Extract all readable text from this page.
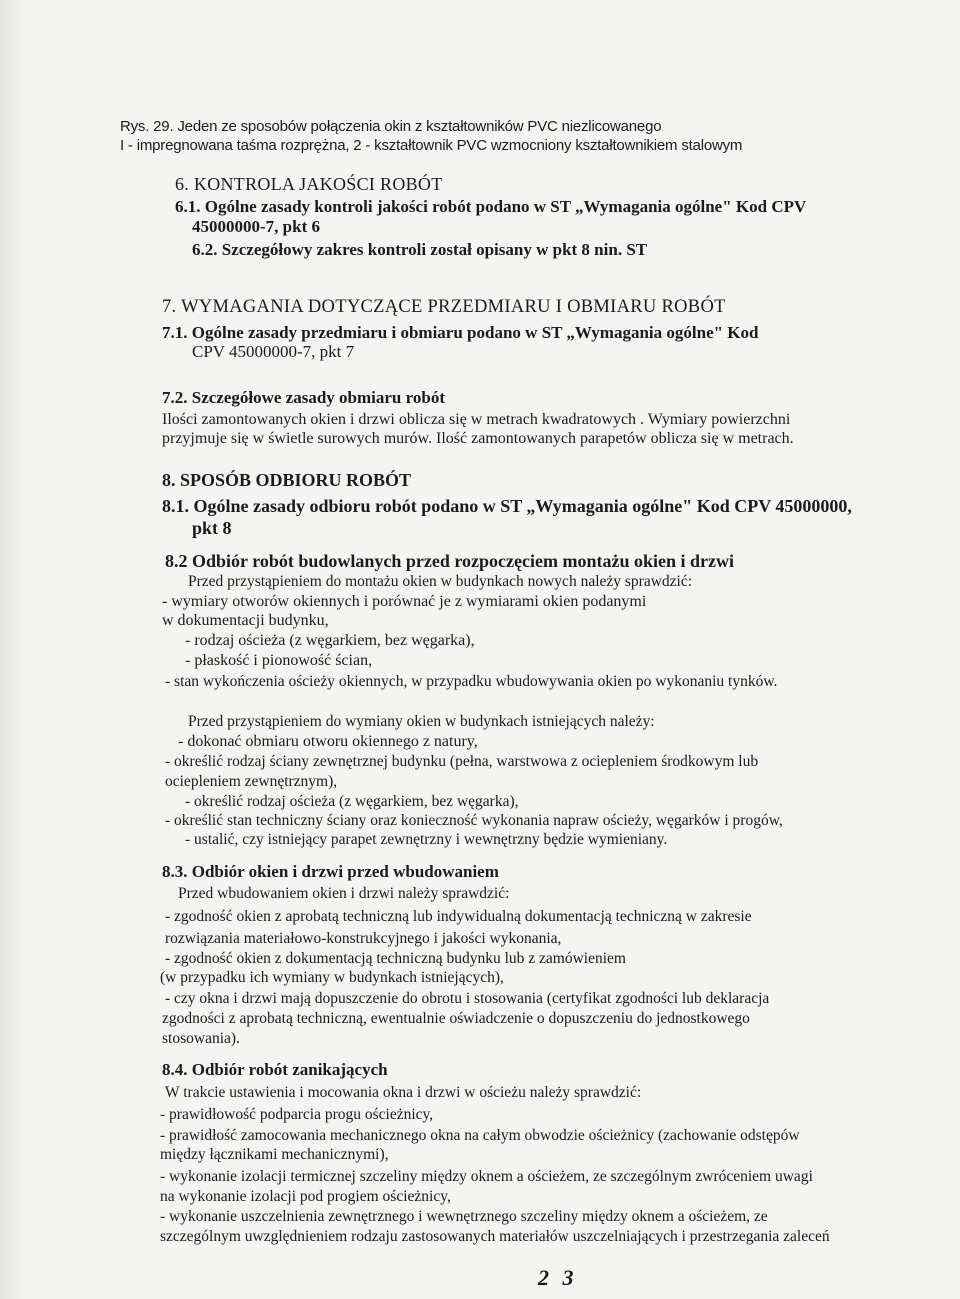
Rys. 29. Jeden ze sposobów połączenia okin z kształtowników PVC niezlicowanego
I - impregnowana taśma rozprężna, 2 - kształtownik PVC wzmocniony kształtownikiem stalowym
6. KONTROLA JAKOŚCI ROBÓT
6.1. Ogólne zasady kontroli jakości robót podano w ST „Wymagania ogólne" Kod CPV
45000000-7, pkt 6
6.2. Szczegółowy zakres kontroli został opisany w pkt 8 nin. ST
7. WYMAGANIA DOTYCZĄCE PRZEDMIARU I OBMIARU ROBÓT
7.1. Ogólne zasady przedmiaru i obmiaru podano w ST „Wymagania ogólne" Kod
CPV 45000000-7, pkt 7
7.2. Szczegółowe zasady obmiaru robót
Ilości zamontowanych okien i drzwi oblicza się w metrach kwadratowych . Wymiary powierzchni
przyjmuje się w świetle surowych murów. Ilość zamontowanych parapetów oblicza się w metrach.
8. SPOSÓB ODBIORU ROBÓT
8.1. Ogólne zasady odbioru robót podano w ST „Wymagania ogólne" Kod CPV 45000000,
pkt 8
8.2 Odbiór robót budowlanych przed rozpoczęciem montażu okien i drzwi
Przed przystąpieniem do montażu okien w budynkach nowych należy sprawdzić:
- wymiary otworów okiennych i porównać je z wymiarami okien podanymi
w dokumentacji budynku,
- rodzaj ościeża (z węgarkiem, bez węgarka),
- płaskość i pionowość ścian,
- stan wykończenia ościeży okiennych, w przypadku wbudowywania okien po wykonaniu tynków.
Przed przystąpieniem do wymiany okien w budynkach istniejących należy:
- dokonać obmiaru otworu okiennego z natury,
- określić rodzaj ściany zewnętrznej budynku (pełna, warstwowa z ociepleniem środkowym lub
ociepleniem zewnętrznym),
- określić rodzaj ościeża (z węgarkiem, bez węgarka),
- określić stan techniczny ściany oraz konieczność wykonania napraw ościeży, węgarków i progów,
- ustalić, czy istniejący parapet zewnętrzny i wewnętrzny będzie wymieniany.
8.3. Odbiór okien i drzwi przed wbudowaniem
Przed wbudowaniem okien i drzwi należy sprawdzić:
- zgodność okien z aprobatą techniczną lub indywidualną dokumentacją techniczną w zakresie
rozwiązania materiałowo-konstrukcyjnego i jakości wykonania,
- zgodność okien z dokumentacją techniczną budynku lub z zamówieniem
(w przypadku ich wymiany w budynkach istniejących),
- czy okna i drzwi mają dopuszczenie do obrotu i stosowania (certyfikat zgodności lub deklaracja
zgodności z aprobatą techniczną, ewentualnie oświadczenie o dopuszczeniu do jednostkowego
stosowania).
8.4. Odbiór robót zanikających
W trakcie ustawienia i mocowania okna i drzwi w ościeżu należy sprawdzić:
- prawidłowość podparcia progu ościeżnicy,
- prawidłość zamocowania mechanicznego okna na całym obwodzie ościeżnicy (zachowanie odstępów
między łącznikami mechanicznymi),
- wykonanie izolacji termicznej szczeliny między oknem a ościeżem, ze szczególnym zwróceniem uwagi
na wykonanie izolacji pod progiem ościeżnicy,
- wykonanie uszczelnienia zewnętrznego i wewnętrznego szczeliny między oknem a ościeżem, ze
szczególnym uwzględnieniem rodzaju zastosowanych materiałów uszczelniających i przestrzegania zaleceń
2 3
